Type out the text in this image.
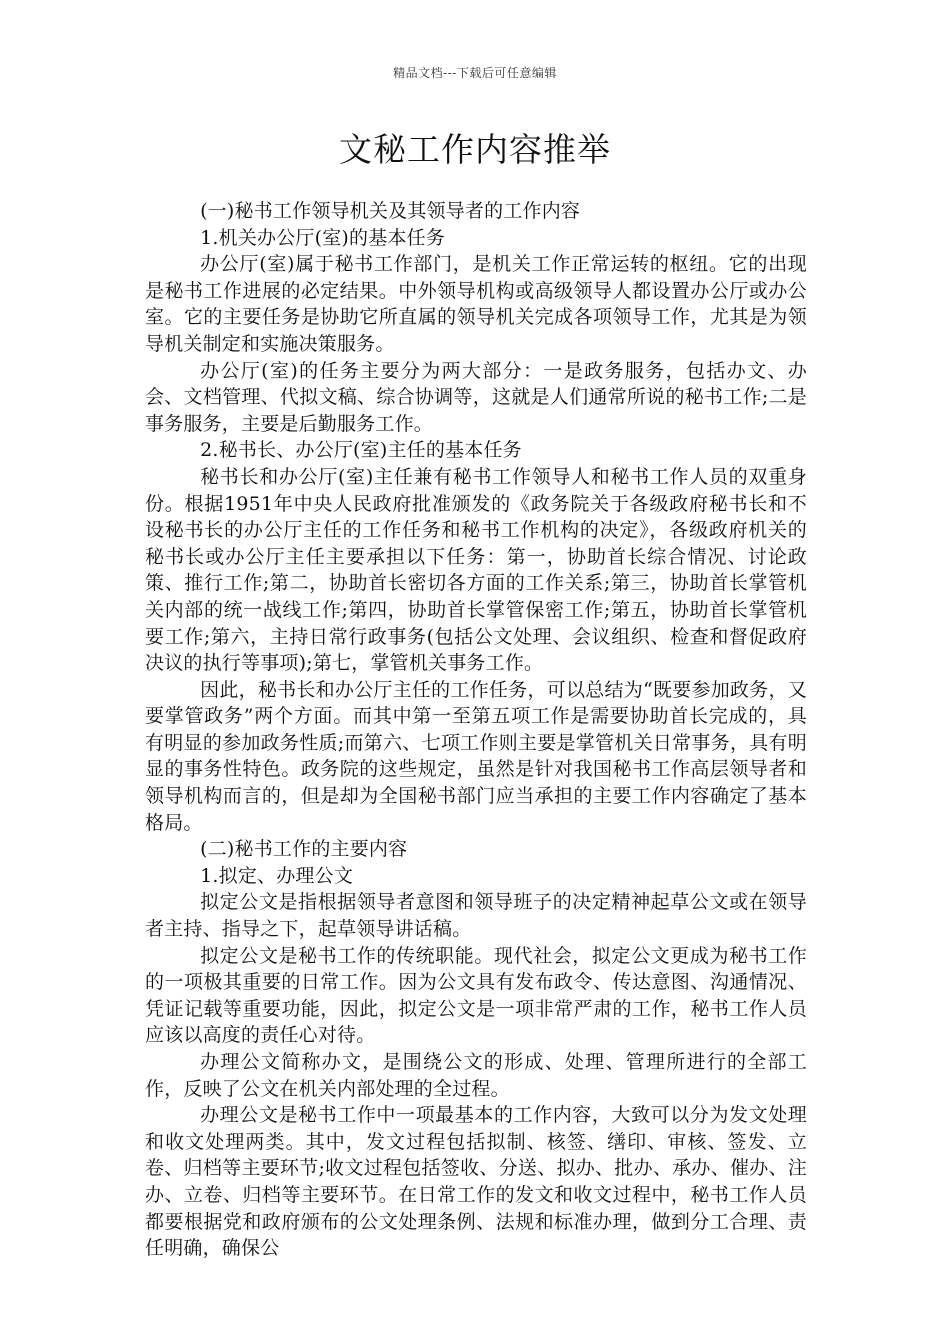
精品文档---下载后可任意编辑
文秘工作内容推举

(一)秘书工作领导机关及其领导者的工作内容

1.机关办公厅(室)的基本任务

办公厅(室)属于秘书工作部门，是机关工作正常运转的枢纽。它的出现是秘书工作进展的必定结果。中外领导机构或高级领导人都设置办公厅或办公室。它的主要任务是协助它所直属的领导机关完成各项领导工作，尤其是为领导机关制定和实施决策服务。

办公厅(室)的任务主要分为两大部分：一是政务服务，包括办文、办会、文档管理、代拟文稿、综合协调等，这就是人们通常所说的秘书工作;二是事务服务，主要是后勤服务工作。

2.秘书长、办公厅(室)主任的基本任务

秘书长和办公厅(室)主任兼有秘书工作领导人和秘书工作人员的双重身份。根据1951年中央人民政府批准颁发的《政务院关于各级政府秘书长和不设秘书长的办公厅主任的工作任务和秘书工作机构的决定》，各级政府机关的秘书长或办公厅主任主要承担以下任务：第一，协助首长综合情况、讨论政策、推行工作;第二，协助首长密切各方面的工作关系;第三，协助首长掌管机关内部的统一战线工作;第四，协助首长掌管保密工作;第五，协助首长掌管机要工作;第六，主持日常行政事务(包括公文处理、会议组织、检查和督促政府决议的执行等事项);第七，掌管机关事务工作。

因此，秘书长和办公厅主任的工作任务，可以总结为“既要参加政务，又要掌管政务”两个方面。而其中第一至第五项工作是需要协助首长完成的，具有明显的参加政务性质;而第六、七项工作则主要是掌管机关日常事务，具有明显的事务性特色。政务院的这些规定，虽然是针对我国秘书工作高层领导者和领导机构而言的，但是却为全国秘书部门应当承担的主要工作内容确定了基本格局。

(二)秘书工作的主要内容

1.拟定、办理公文

拟定公文是指根据领导者意图和领导班子的决定精神起草公文或在领导者主持、指导之下，起草领导讲话稿。

拟定公文是秘书工作的传统职能。现代社会，拟定公文更成为秘书工作的一项极其重要的日常工作。因为公文具有发布政令、传达意图、沟通情况、凭证记载等重要功能，因此，拟定公文是一项非常严肃的工作，秘书工作人员应该以高度的责任心对待。

办理公文简称办文，是围绕公文的形成、处理、管理所进行的全部工作，反映了公文在机关内部处理的全过程。

办理公文是秘书工作中一项最基本的工作内容，大致可以分为发文处理和收文处理两类。其中，发文过程包括拟制、核签、缮印、审核、签发、立卷、归档等主要环节;收文过程包括签收、分送、拟办、批办、承办、催办、注办、立卷、归档等主要环节。在日常工作的发文和收文过程中，秘书工作人员都要根据党和政府颁布的公文处理条例、法规和标准办理，做到分工合理、责任明确，确保公
